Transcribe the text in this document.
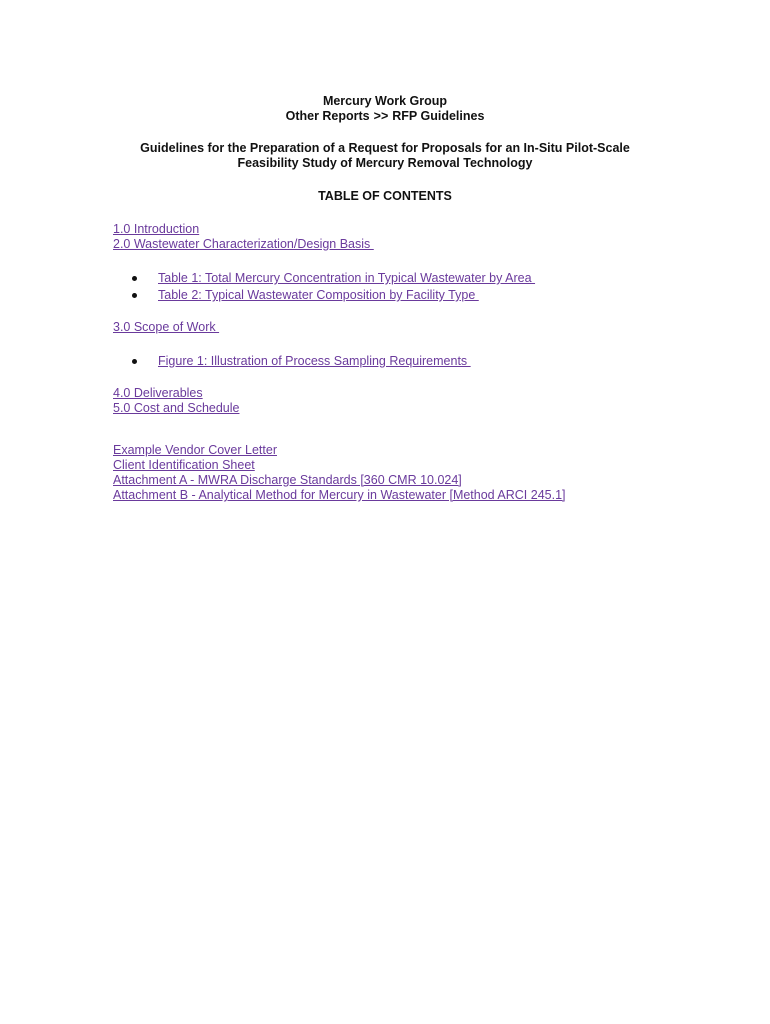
Mercury Work Group
Other Reports >> RFP Guidelines
Guidelines for the Preparation of a Request for Proposals for an In-Situ Pilot-Scale
Feasibility Study of Mercury Removal Technology
TABLE OF CONTENTS
1.0 Introduction
2.0 Wastewater Characterization/Design Basis
Table 1: Total Mercury Concentration in Typical Wastewater by Area
Table 2: Typical Wastewater Composition by Facility Type
3.0 Scope of Work
Figure 1: Illustration of Process Sampling Requirements
4.0 Deliverables
5.0 Cost and Schedule
Example Vendor Cover Letter
Client Identification Sheet
Attachment A - MWRA Discharge Standards [360 CMR 10.024]
Attachment B - Analytical Method for Mercury in Wastewater [Method ARCI 245.1]
